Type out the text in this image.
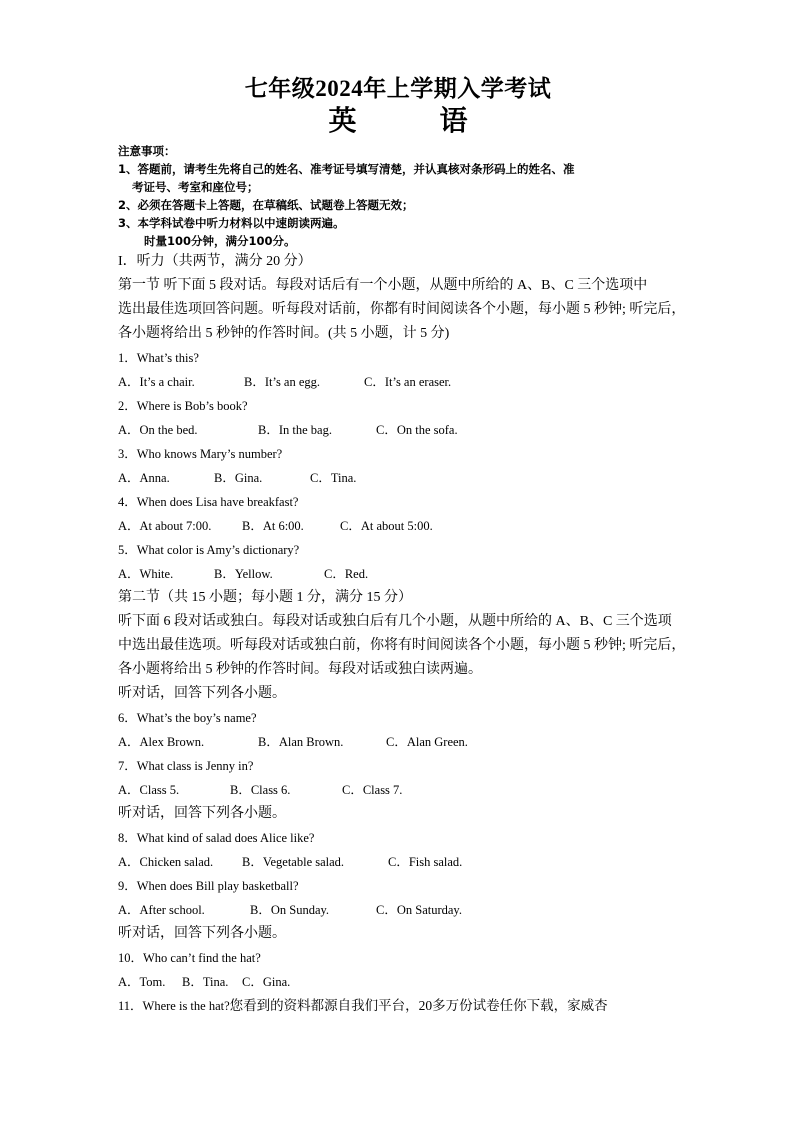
七年级2024年上学期入学考试
英 语
注意事项：
1、答题前，请考生先将自己的姓名、准考证号填写清楚，并认真核对条形码上的姓名、准
考证号、考室和座位号；
2、必须在答题卡上答题，在草稿纸、试题卷上答题无效；
3、本学科试卷中听力材料以中速朗读两遍。
时量100分钟，满分100分。
I．听力（共两节，满分 20 分）
第一节 听下面 5 段对话。每段对话后有一个小题，从题中所给的 A、B、C 三个选项中
选出最佳选项回答问题。听每段对话前，你都有时间阅读各个小题，每小题 5 秒钟; 听完后，
各小题将给出 5 秒钟的作答时间。(共 5 小题，计 5 分)
1．What’s this?
A．It’s a chair.	B．It’s an egg.	C．It’s an eraser.
2．Where is Bob’s book?
A．On the bed.	B．In the bag.	C．On the sofa.
3．Who knows Mary’s number?
A．Anna.	B．Gina.	C．Tina.
4．When does Lisa have breakfast?
A．At about 7:00. B．At 6:00.	C．At about 5:00.
5．What color is Amy’s dictionary?
A．White.	B．Yellow.	C．Red.
第二节（共 15 小题；每小题 1 分，满分 15 分）
听下面 6 段对话或独白。每段对话或独白后有几个小题，从题中所给的 A、B、C 三个选项
中选出最佳选项。听每段对话或独白前，你将有时间阅读各个小题，每小题 5 秒钟; 听完后，
各小题将给出 5 秒钟的作答时间。每段对话或独白读两遍。
听对话，回答下列各小题。
6．What’s the boy’s name?
A．Alex Brown.	B．Alan Brown.	C．Alan Green.
7．What class is Jenny in?
A．Class 5.	B．Class 6.	C．Class 7.
听对话，回答下列各小题。
8．What kind of salad does Alice like?
A．Chicken salad. B．Vegetable salad.	C．Fish salad.
9．When does Bill play basketball?
A．After school.	B．On Sunday.	C．On Saturday.
听对话，回答下列各小题。
10．Who can’t find the hat?
A．Tom. B．Tina. C．Gina.
11．Where is the hat?您看到的资料都源自我们平台，20多万份试卷任你下载，家威杏
